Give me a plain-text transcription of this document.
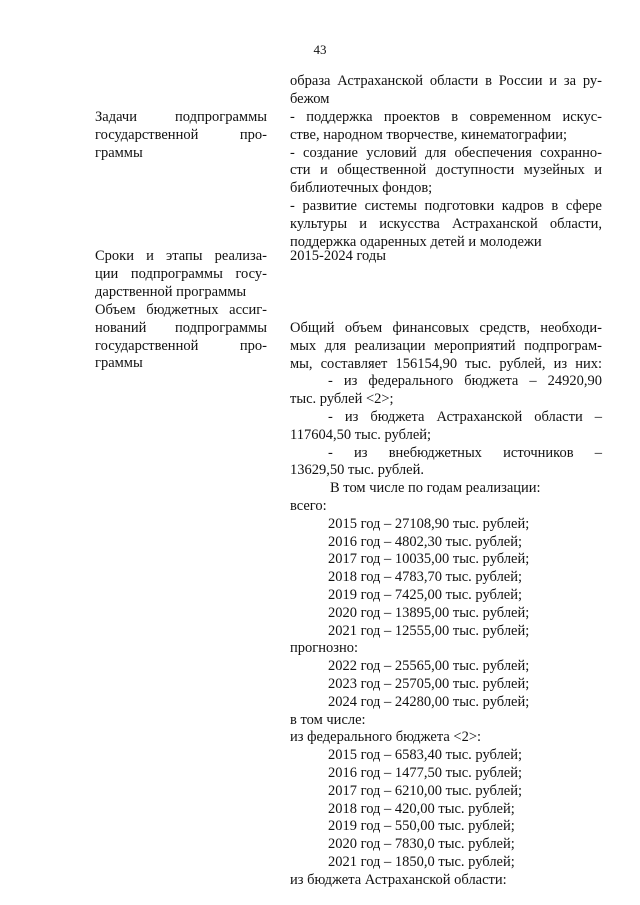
43
образа Астраханской области в России и за ру-
бежом
Задачи подпрограммы
государственной про-
граммы
- поддержка проектов в современном искус-
стве, народном творчестве, кинематографии;
- создание условий для обеспечения сохранно-
сти и общественной доступности музейных и
библиотечных фондов;
- развитие системы подготовки кадров в сфере
культуры и искусства Астраханской области,
поддержка одаренных детей и молодежи
Сроки и этапы реализа-
ции подпрограммы госу-
дарственной программы
2015-2024 годы
Объем бюджетных ассиг-
нований подпрограммы
государственной про-
граммы
Общий объем финансовых средств, необходи-
мых для реализации мероприятий подпрограм-
мы, составляет 156154,90 тыс. рублей, из них:
- из федерального бюджета – 24920,90
тыс. рублей <2>;
- из бюджета Астраханской области –
117604,50 тыс. рублей;
- из внебюджетных источников –
13629,50 тыс. рублей.
В том числе по годам реализации:
всего:
2015 год – 27108,90 тыс. рублей;
2016 год – 4802,30 тыс. рублей;
2017 год – 10035,00 тыс. рублей;
2018 год – 4783,70 тыс. рублей;
2019 год – 7425,00 тыс. рублей;
2020 год – 13895,00 тыс. рублей;
2021 год – 12555,00 тыс. рублей;
прогнозно:
2022 год – 25565,00 тыс. рублей;
2023 год – 25705,00 тыс. рублей;
2024 год – 24280,00 тыс. рублей;
в том числе:
из федерального бюджета <2>:
2015 год – 6583,40 тыс. рублей;
2016 год – 1477,50 тыс. рублей;
2017 год – 6210,00 тыс. рублей;
2018 год – 420,00 тыс. рублей;
2019 год – 550,00 тыс. рублей;
2020 год – 7830,0 тыс. рублей;
2021 год – 1850,0 тыс. рублей;
из бюджета Астраханской области:
